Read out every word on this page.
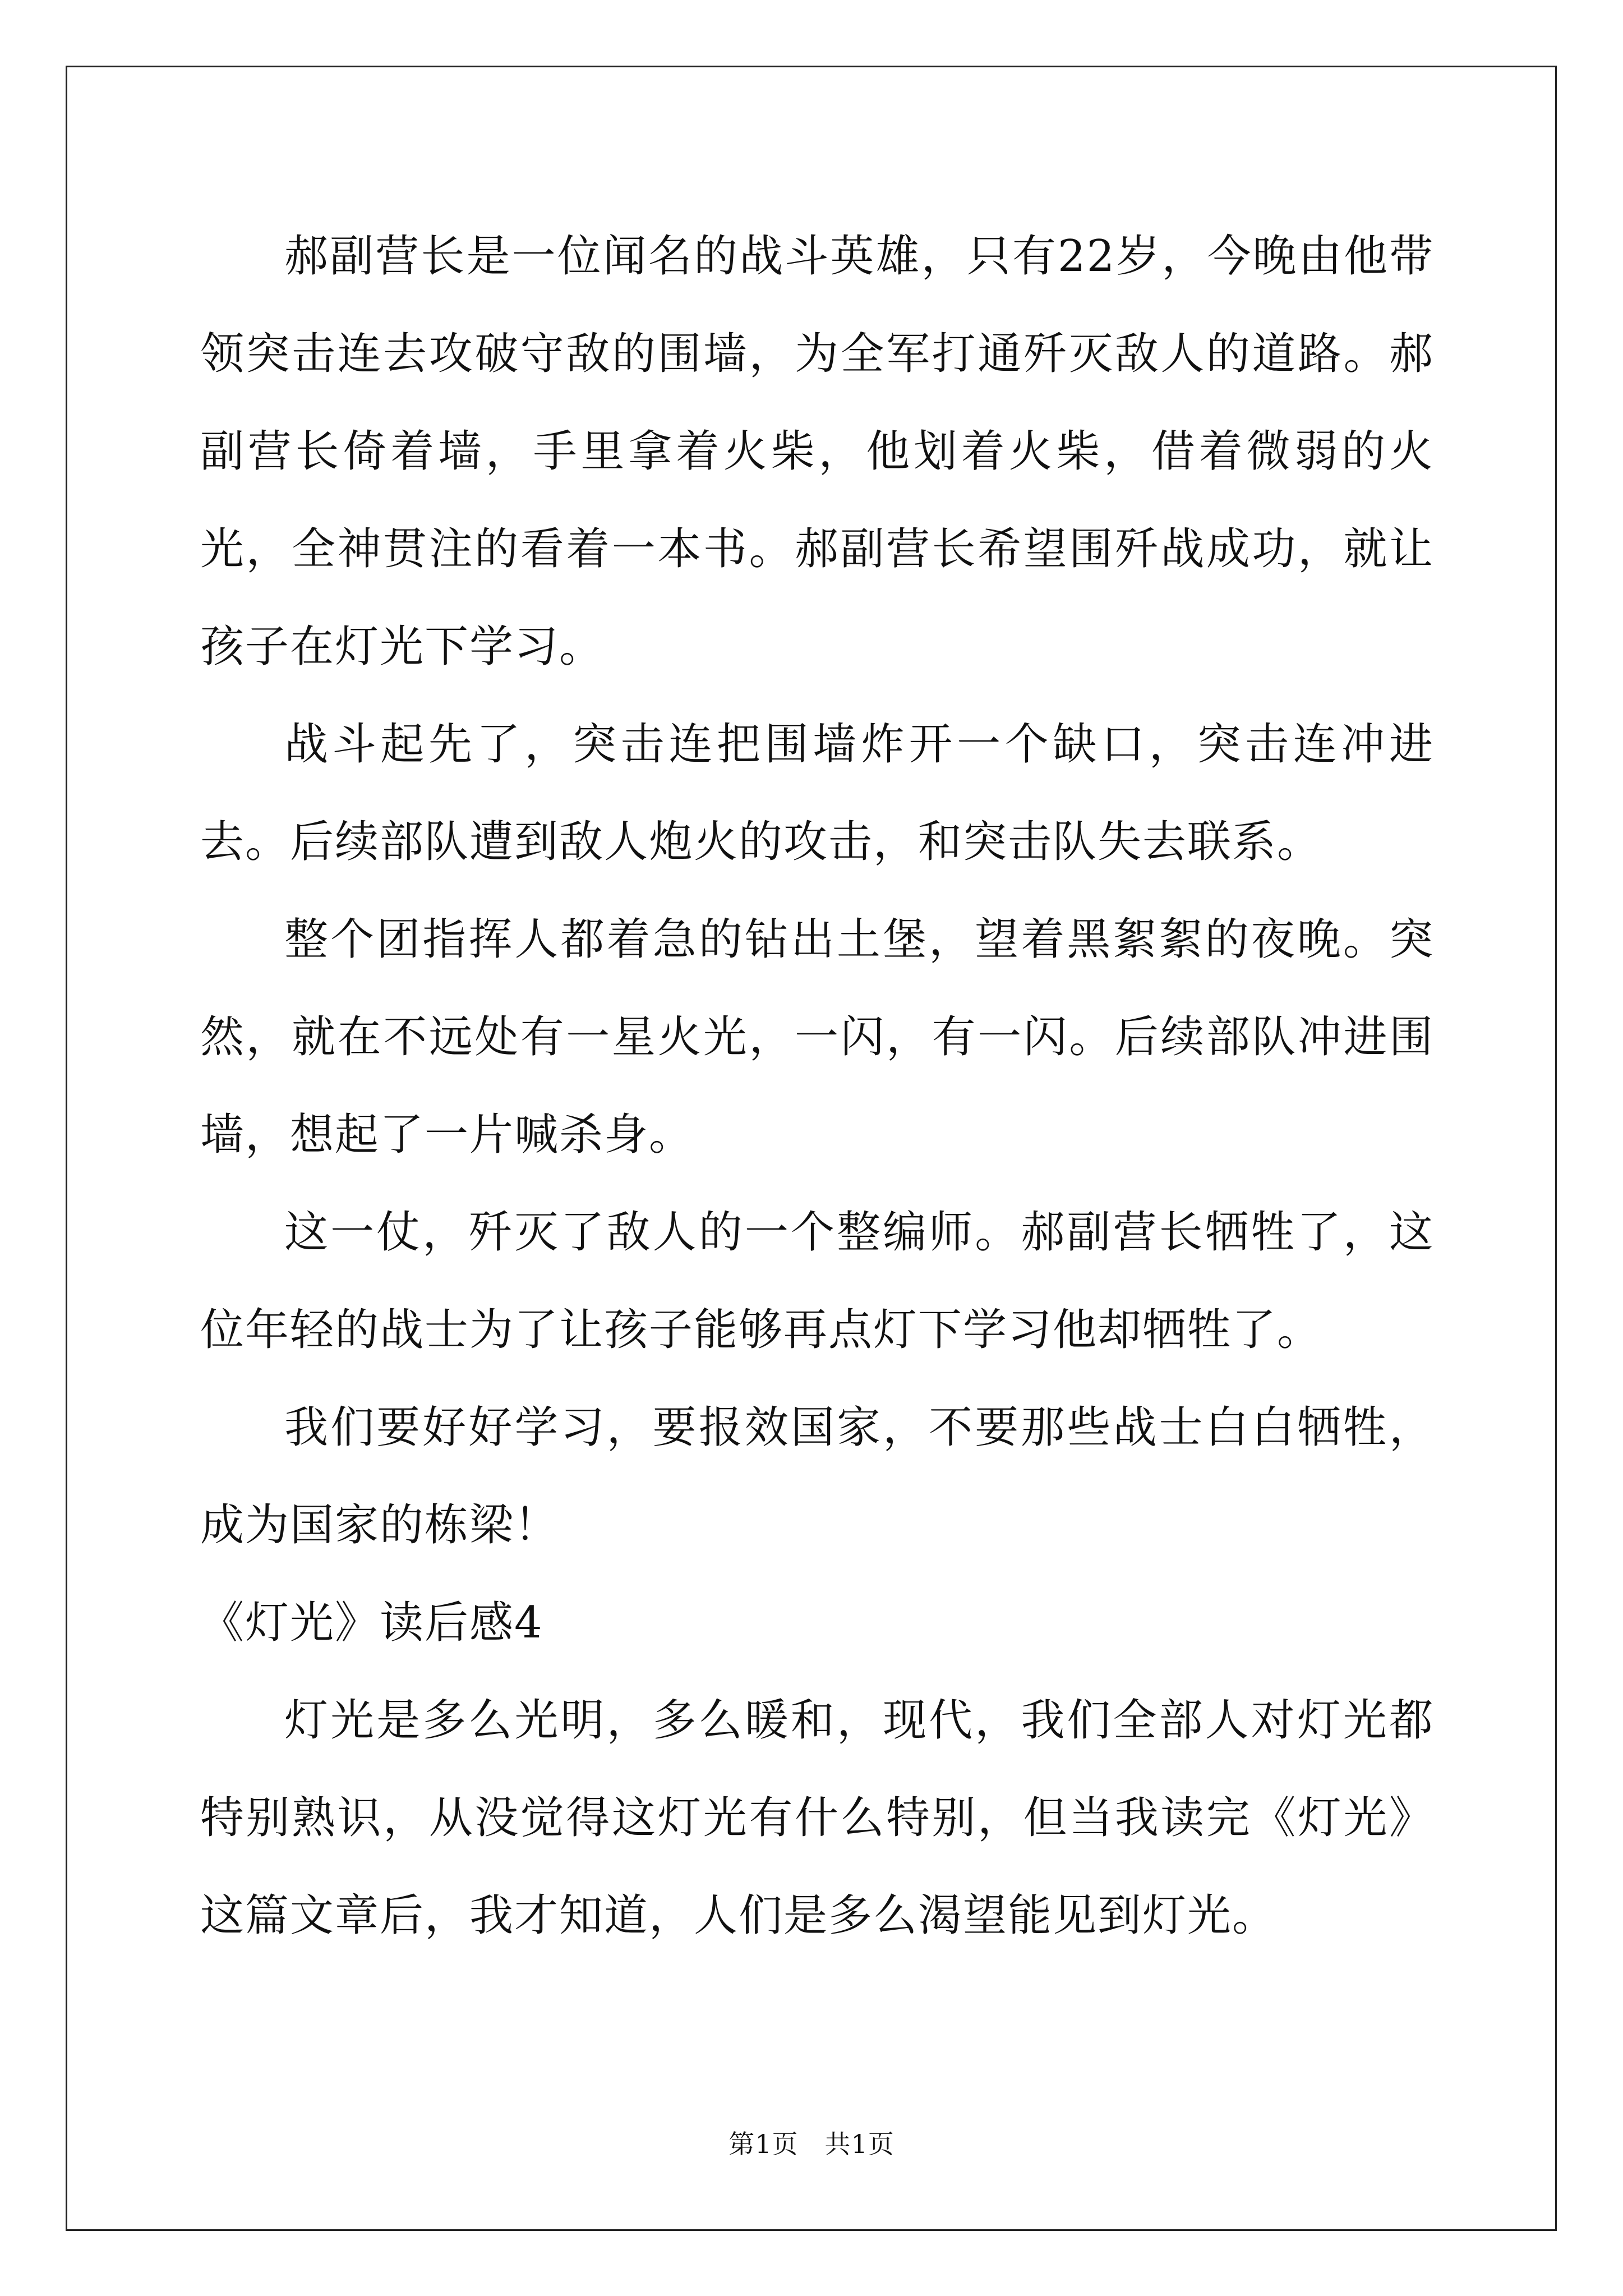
郝副营长是一位闻名的战斗英雄，只有22岁，今晚由他带领突击连去攻破守敌的围墙，为全军打通歼灭敌人的道路。郝副营长倚着墙，手里拿着火柴，他划着火柴，借着微弱的火光，全神贯注的看着一本书。郝副营长希望围歼战成功，就让孩子在灯光下学习。

战斗起先了，突击连把围墙炸开一个缺口，突击连冲进去。后续部队遭到敌人炮火的攻击，和突击队失去联系。

整个团指挥人都着急的钻出土堡，望着黑絮絮的夜晚。突然，就在不远处有一星火光，一闪，有一闪。后续部队冲进围墙，想起了一片喊杀身。

这一仗，歼灭了敌人的一个整编师。郝副营长牺牲了，这位年轻的战士为了让孩子能够再点灯下学习他却牺牲了。

我们要好好学习，要报效国家，不要那些战士白白牺牲，成为国家的栋梁！

《灯光》读后感4

灯光是多么光明，多么暖和，现代，我们全部人对灯光都特别熟识，从没觉得这灯光有什么特别，但当我读完《灯光》这篇文章后，我才知道，人们是多么渴望能见到灯光。

第1页　共1页
